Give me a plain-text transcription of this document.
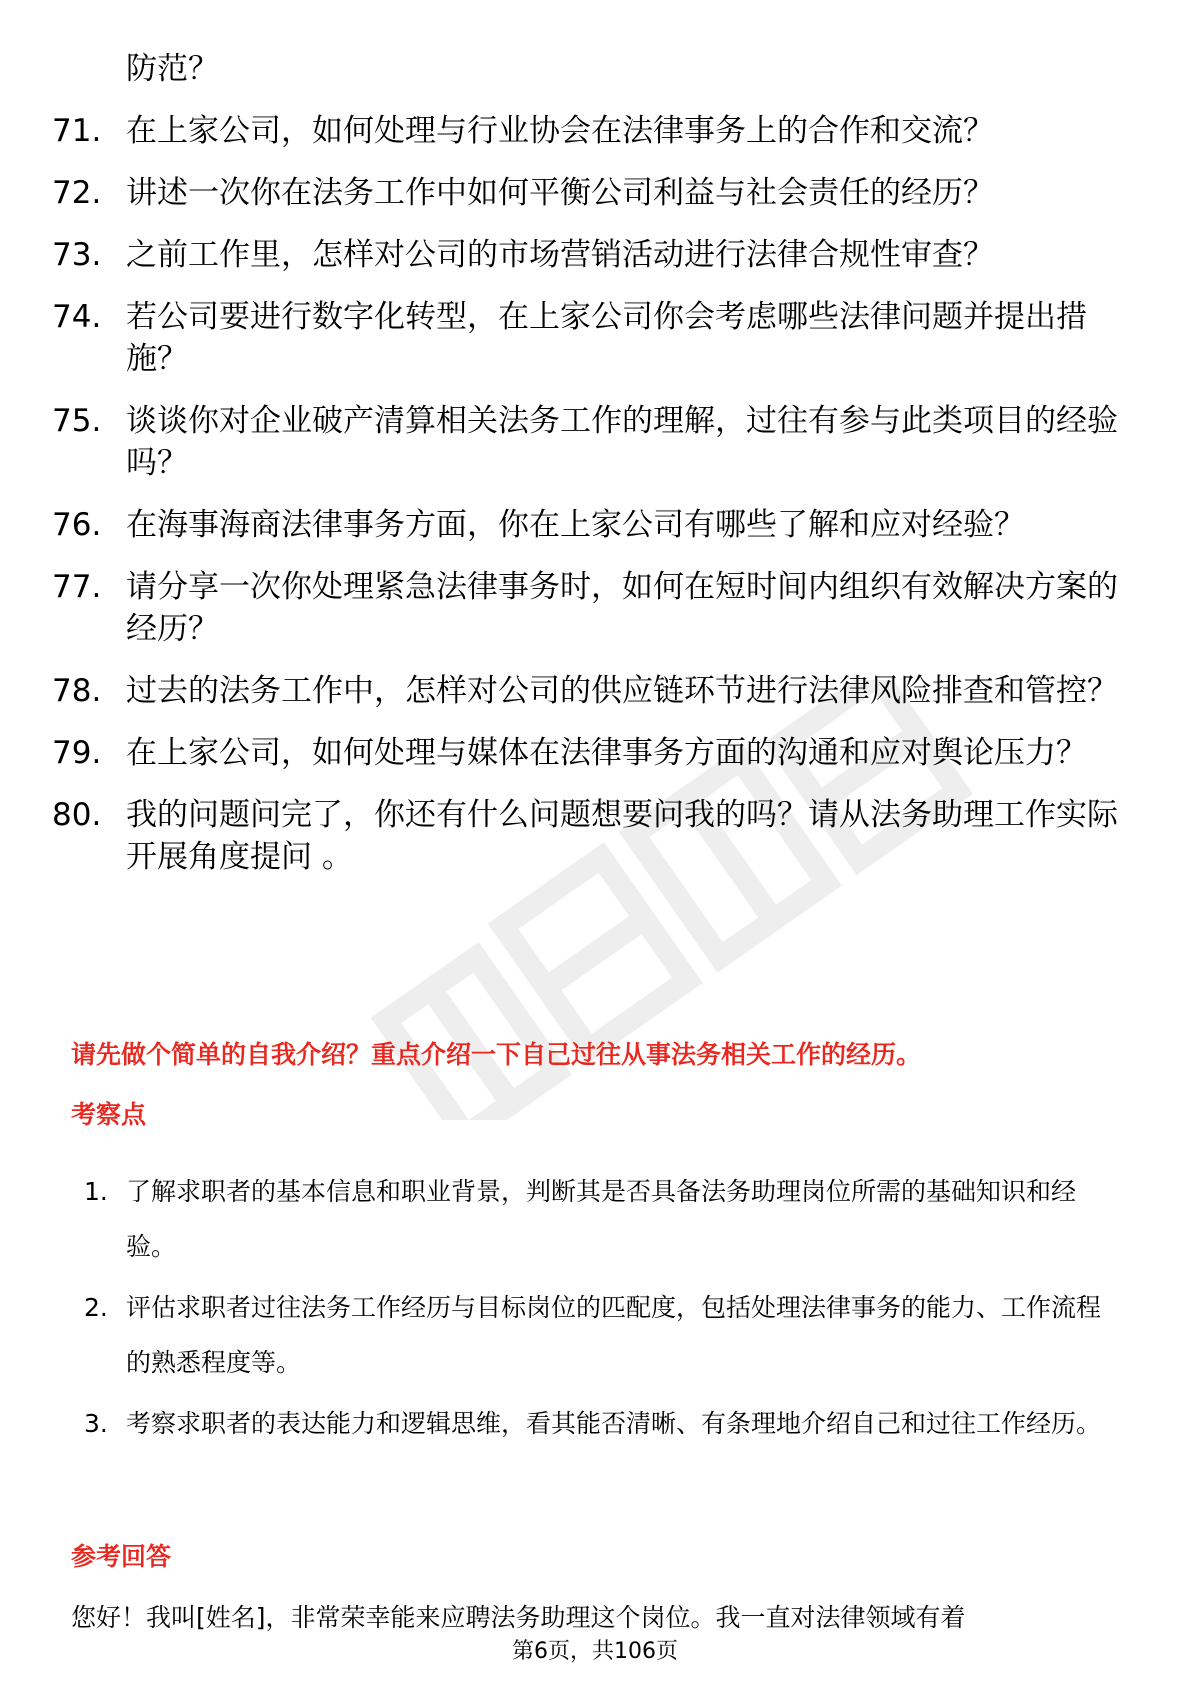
防范？
71. 在上家公司，如何处理与行业协会在法律事务上的合作和交流？
72. 讲述一次你在法务工作中如何平衡公司利益与社会责任的经历？
73. 之前工作里，怎样对公司的市场营销活动进行法律合规性审查？
74. 若公司要进行数字化转型，在上家公司你会考虑哪些法律问题并提出措施？
75. 谈谈你对企业破产清算相关法务工作的理解，过往有参与此类项目的经验吗？
76. 在海事海商法律事务方面，你在上家公司有哪些了解和应对经验？
77. 请分享一次你处理紧急法律事务时，如何在短时间内组织有效解决方案的经历？
78. 过去的法务工作中，怎样对公司的供应链环节进行法律风险排查和管控？
79. 在上家公司，如何处理与媒体在法律事务方面的沟通和应对舆论压力？
80. 我的问题问完了，你还有什么问题想要问我的吗？请从法务助理工作实际开展角度提问 。
请先做个简单的自我介绍？重点介绍一下自己过往从事法务相关工作的经历。
考察点
1. 了解求职者的基本信息和职业背景，判断其是否具备法务助理岗位所需的基础知识和经验。
2. 评估求职者过往法务工作经历与目标岗位的匹配度，包括处理法律事务的能力、工作流程的熟悉程度等。
3. 考察求职者的表达能力和逻辑思维，看其能否清晰、有条理地介绍自己和过往工作经历。
参考回答
您好！我叫[姓名]，非常荣幸能来应聘法务助理这个岗位。我一直对法律领域有着
第6页，共106页
